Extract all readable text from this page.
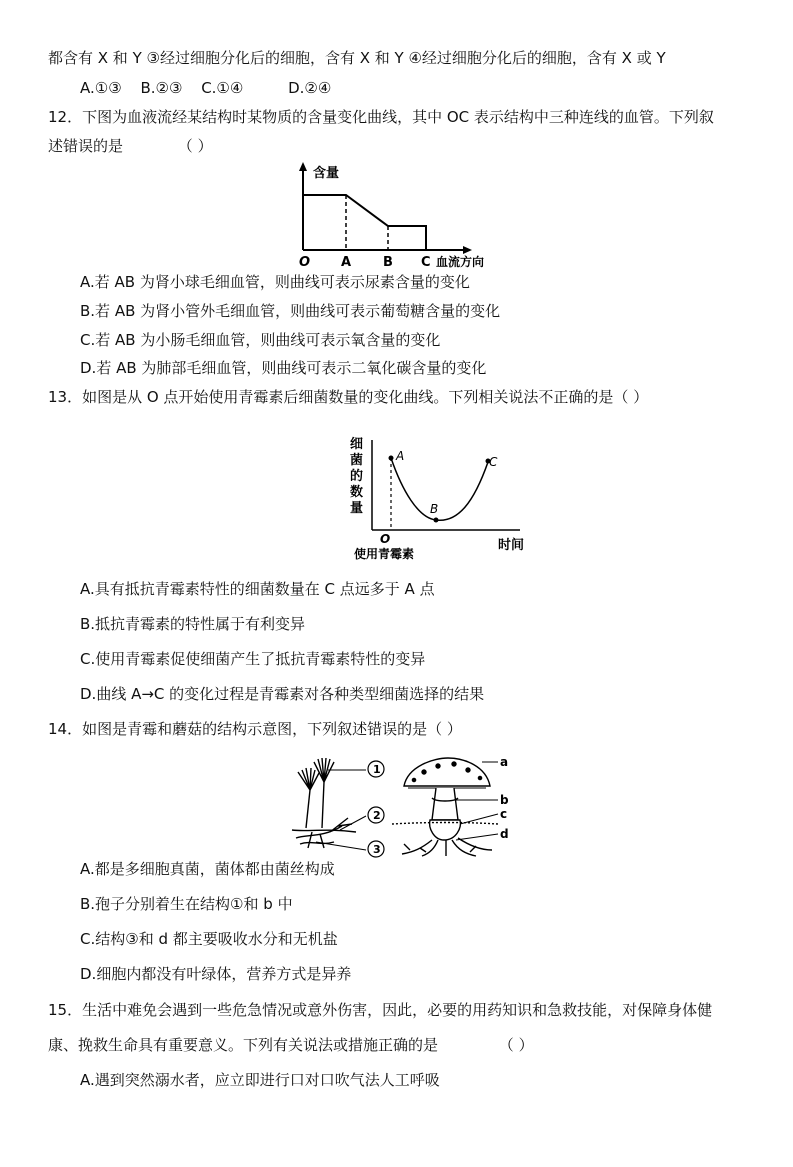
都含有 X 和 Y ③经过细胞分化后的细胞，含有 X 和 Y ④经过细胞分化后的细胞，含有 X 或 Y
A.①③ B.②③ C.①④	D.②④
12．下图为血液流经某结构时某物质的含量变化曲线，其中 OC 表示结构中三种连线的血管。下列叙
述错误的是	（ ）
含量
O A B C 血流方向
A.若 AB 为肾小球毛细血管，则曲线可表示尿素含量的变化
B.若 AB 为肾小管外毛细血管，则曲线可表示葡萄糖含量的变化
C.若 AB 为小肠毛细血管，则曲线可表示氧含量的变化
D.若 AB 为肺部毛细血管，则曲线可表示二氧化碳含量的变化
13．如图是从 O 点开始使用青霉素后细菌数量的变化曲线。下列相关说法不正确的是（ ）
细
菌
的
数
量
A
B
C
O
使用青霉素
时间
A.具有抵抗青霉素特性的细菌数量在 C 点远多于 A 点
B.抵抗青霉素的特性属于有利变异
C.使用青霉素促使细菌产生了抵抗青霉素特性的变异
D.曲线 A→C 的变化过程是青霉素对各种类型细菌选择的结果
14．如图是青霉和蘑菇的结构示意图，下列叙述错误的是（ ）
1
2
3
a
b
c
d
A.都是多细胞真菌，菌体都由菌丝构成
B.孢子分别着生在结构①和 b 中
C.结构③和 d 都主要吸收水分和无机盐
D.细胞内都没有叶绿体，营养方式是异养
15．生活中难免会遇到一些危急情况或意外伤害，因此，必要的用药知识和急救技能，对保障身体健
康、挽救生命具有重要意义。下列有关说法或措施正确的是	（ ）
A.遇到突然溺水者，应立即进行口对口吹气法人工呼吸
